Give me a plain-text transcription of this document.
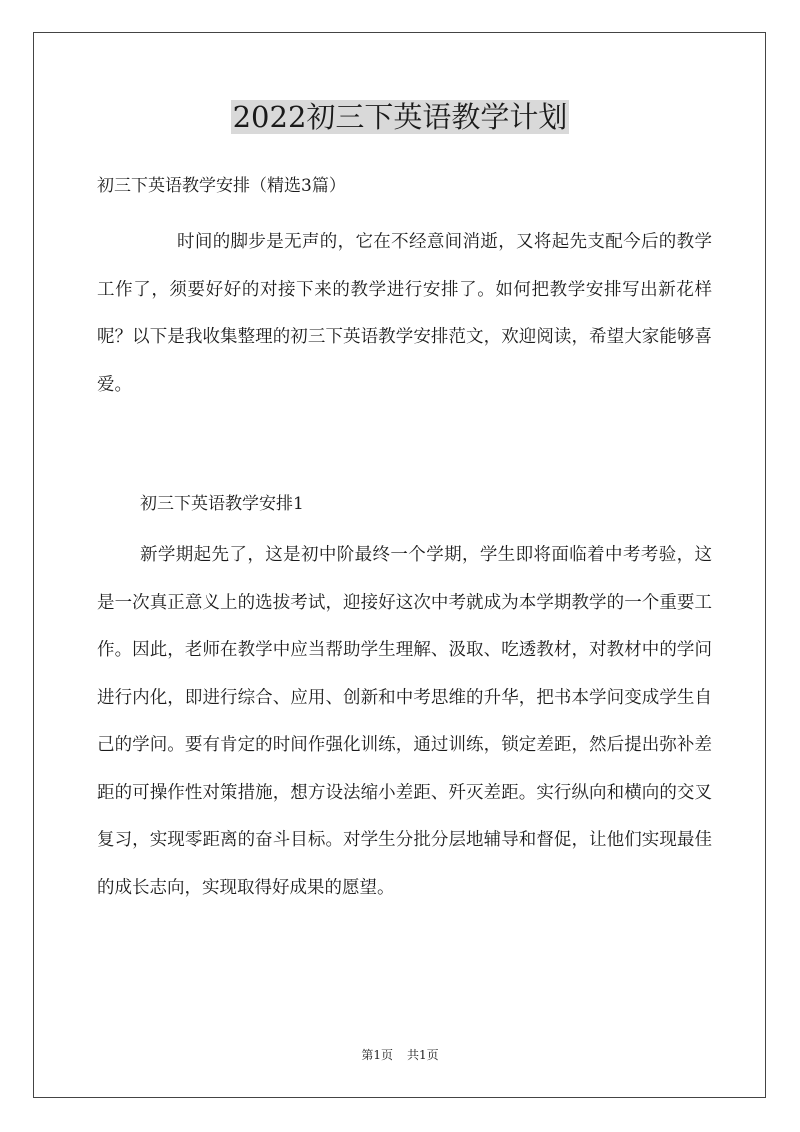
2022初三下英语教学计划
初三下英语教学安排（精选3篇）

时间的脚步是无声的，它在不经意间消逝，又将起先支配今后的教学工作了，须要好好的对接下来的教学进行安排了。如何把教学安排写出新花样呢？以下是我收集整理的初三下英语教学安排范文，欢迎阅读，希望大家能够喜爱。

初三下英语教学安排1

新学期起先了，这是初中阶最终一个学期，学生即将面临着中考考验，这是一次真正意义上的选拔考试，迎接好这次中考就成为本学期教学的一个重要工作。因此，老师在教学中应当帮助学生理解、汲取、吃透教材，对教材中的学问进行内化，即进行综合、应用、创新和中考思维的升华，把书本学问变成学生自己的学问。要有肯定的时间作强化训练，通过训练，锁定差距，然后提出弥补差距的可操作性对策措施，想方设法缩小差距、歼灭差距。实行纵向和横向的交叉复习，实现零距离的奋斗目标。对学生分批分层地辅导和督促，让他们实现最佳的成长志向，实现取得好成果的愿望。

第1页 共1页
